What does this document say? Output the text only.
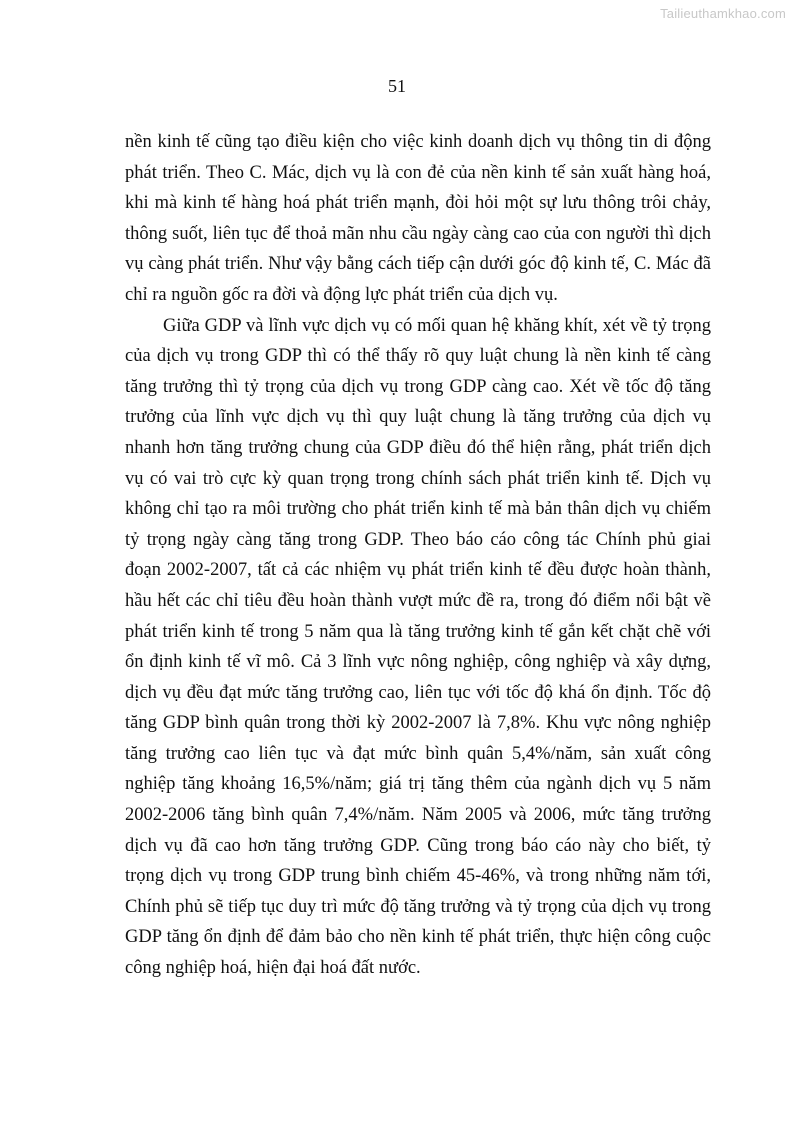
Tailieuthamkhao.com
51

nền kinh tế cũng tạo điều kiện cho việc kinh doanh dịch vụ thông tin di động phát triển. Theo C. Mác, dịch vụ là con đẻ của nền kinh tế sản xuất hàng hoá, khi mà kinh tế hàng hoá phát triển mạnh, đòi hỏi một sự lưu thông trôi chảy, thông suốt, liên tục để thoả mãn nhu cầu ngày càng cao của con người thì dịch vụ càng phát triển. Như vậy bằng cách tiếp cận dưới góc độ kinh tế, C. Mác đã chỉ ra nguồn gốc ra đời và động lực phát triển của dịch vụ.

Giữa GDP và lĩnh vực dịch vụ có mối quan hệ khăng khít, xét về tỷ trọng của dịch vụ trong GDP thì có thể thấy rõ quy luật chung là nền kinh tế càng tăng trưởng thì tỷ trọng của dịch vụ trong GDP càng cao. Xét về tốc độ tăng trưởng của lĩnh vực dịch vụ thì quy luật chung là tăng trưởng của dịch vụ nhanh hơn tăng trưởng chung của GDP điều đó thể hiện rằng, phát triển dịch vụ có vai trò cực kỳ quan trọng trong chính sách phát triển kinh tế. Dịch vụ không chỉ tạo ra môi trường cho phát triển kinh tế mà bản thân dịch vụ chiếm tỷ trọng ngày càng tăng trong GDP. Theo báo cáo công tác Chính phủ giai đoạn 2002-2007, tất cả các nhiệm vụ phát triển kinh tế đều được hoàn thành, hầu hết các chỉ tiêu đều hoàn thành vượt mức đề ra, trong đó điểm nổi bật về phát triển kinh tế trong 5 năm qua là tăng trưởng kinh tế gắn kết chặt chẽ với ổn định kinh tế vĩ mô. Cả 3 lĩnh vực nông nghiệp, công nghiệp và xây dựng, dịch vụ đều đạt mức tăng trưởng cao, liên tục với tốc độ khá ổn định. Tốc độ tăng GDP bình quân trong thời kỳ 2002-2007 là 7,8%. Khu vực nông nghiệp tăng trưởng cao liên tục và đạt mức bình quân 5,4%/năm, sản xuất công nghiệp tăng khoảng 16,5%/năm; giá trị tăng thêm của ngành dịch vụ 5 năm 2002-2006 tăng bình quân 7,4%/năm. Năm 2005 và 2006, mức tăng trưởng dịch vụ đã cao hơn tăng trưởng GDP. Cũng trong báo cáo này cho biết, tỷ trọng dịch vụ trong GDP trung bình chiếm 45-46%, và trong những năm tới, Chính phủ sẽ tiếp tục duy trì mức độ tăng trưởng và tỷ trọng của dịch vụ trong GDP tăng ổn định để đảm bảo cho nền kinh tế phát triển, thực hiện công cuộc công nghiệp hoá, hiện đại hoá đất nước.
